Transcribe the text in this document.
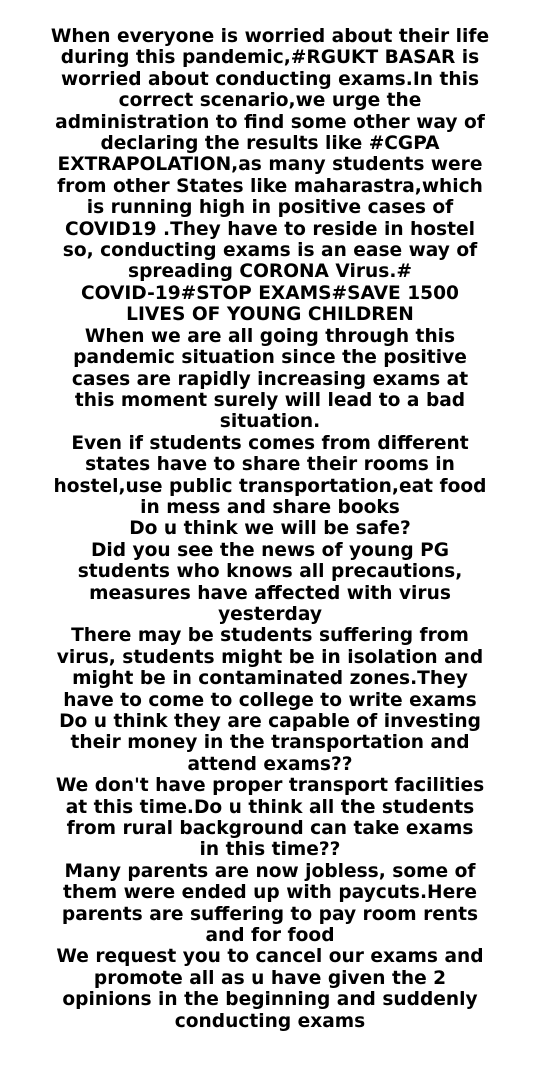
When everyone is worried about their life
during this pandemic,#RGUKT BASAR is
worried about conducting exams.In this
correct scenario,we urge the
administration to find some other way of
declaring the results like #CGPA
EXTRAPOLATION,as many students were
from other States like maharastra,which
is running high in positive cases of
COVID19 .They have to reside in hostel
so, conducting exams is an ease way of
spreading CORONA Virus.#
COVID-19#STOP EXAMS#SAVE 1500
LIVES OF YOUNG CHILDREN
When we are all going through this
pandemic situation since the positive
cases are rapidly increasing exams at
this moment surely will lead to a bad
situation.
Even if students comes from different
states have to share their rooms in
hostel,use public transportation,eat food
in mess and share books
Do u think we will be safe?
Did you see the news of young PG
students who knows all precautions,
measures have affected with virus
yesterday
There may be students suffering from
virus, students might be in isolation and
might be in contaminated zones.They
have to come to college to write exams
Do u think they are capable of investing
their money in the transportation and
attend exams??
We don't have proper transport facilities
at this time.Do u think all the students
from rural background can take exams
in this time??
Many parents are now jobless, some of
them were ended up with paycuts.Here
parents are suffering to pay room rents
and for food
We request you to cancel our exams and
promote all as u have given the 2
opinions in the beginning and suddenly
conducting exams
